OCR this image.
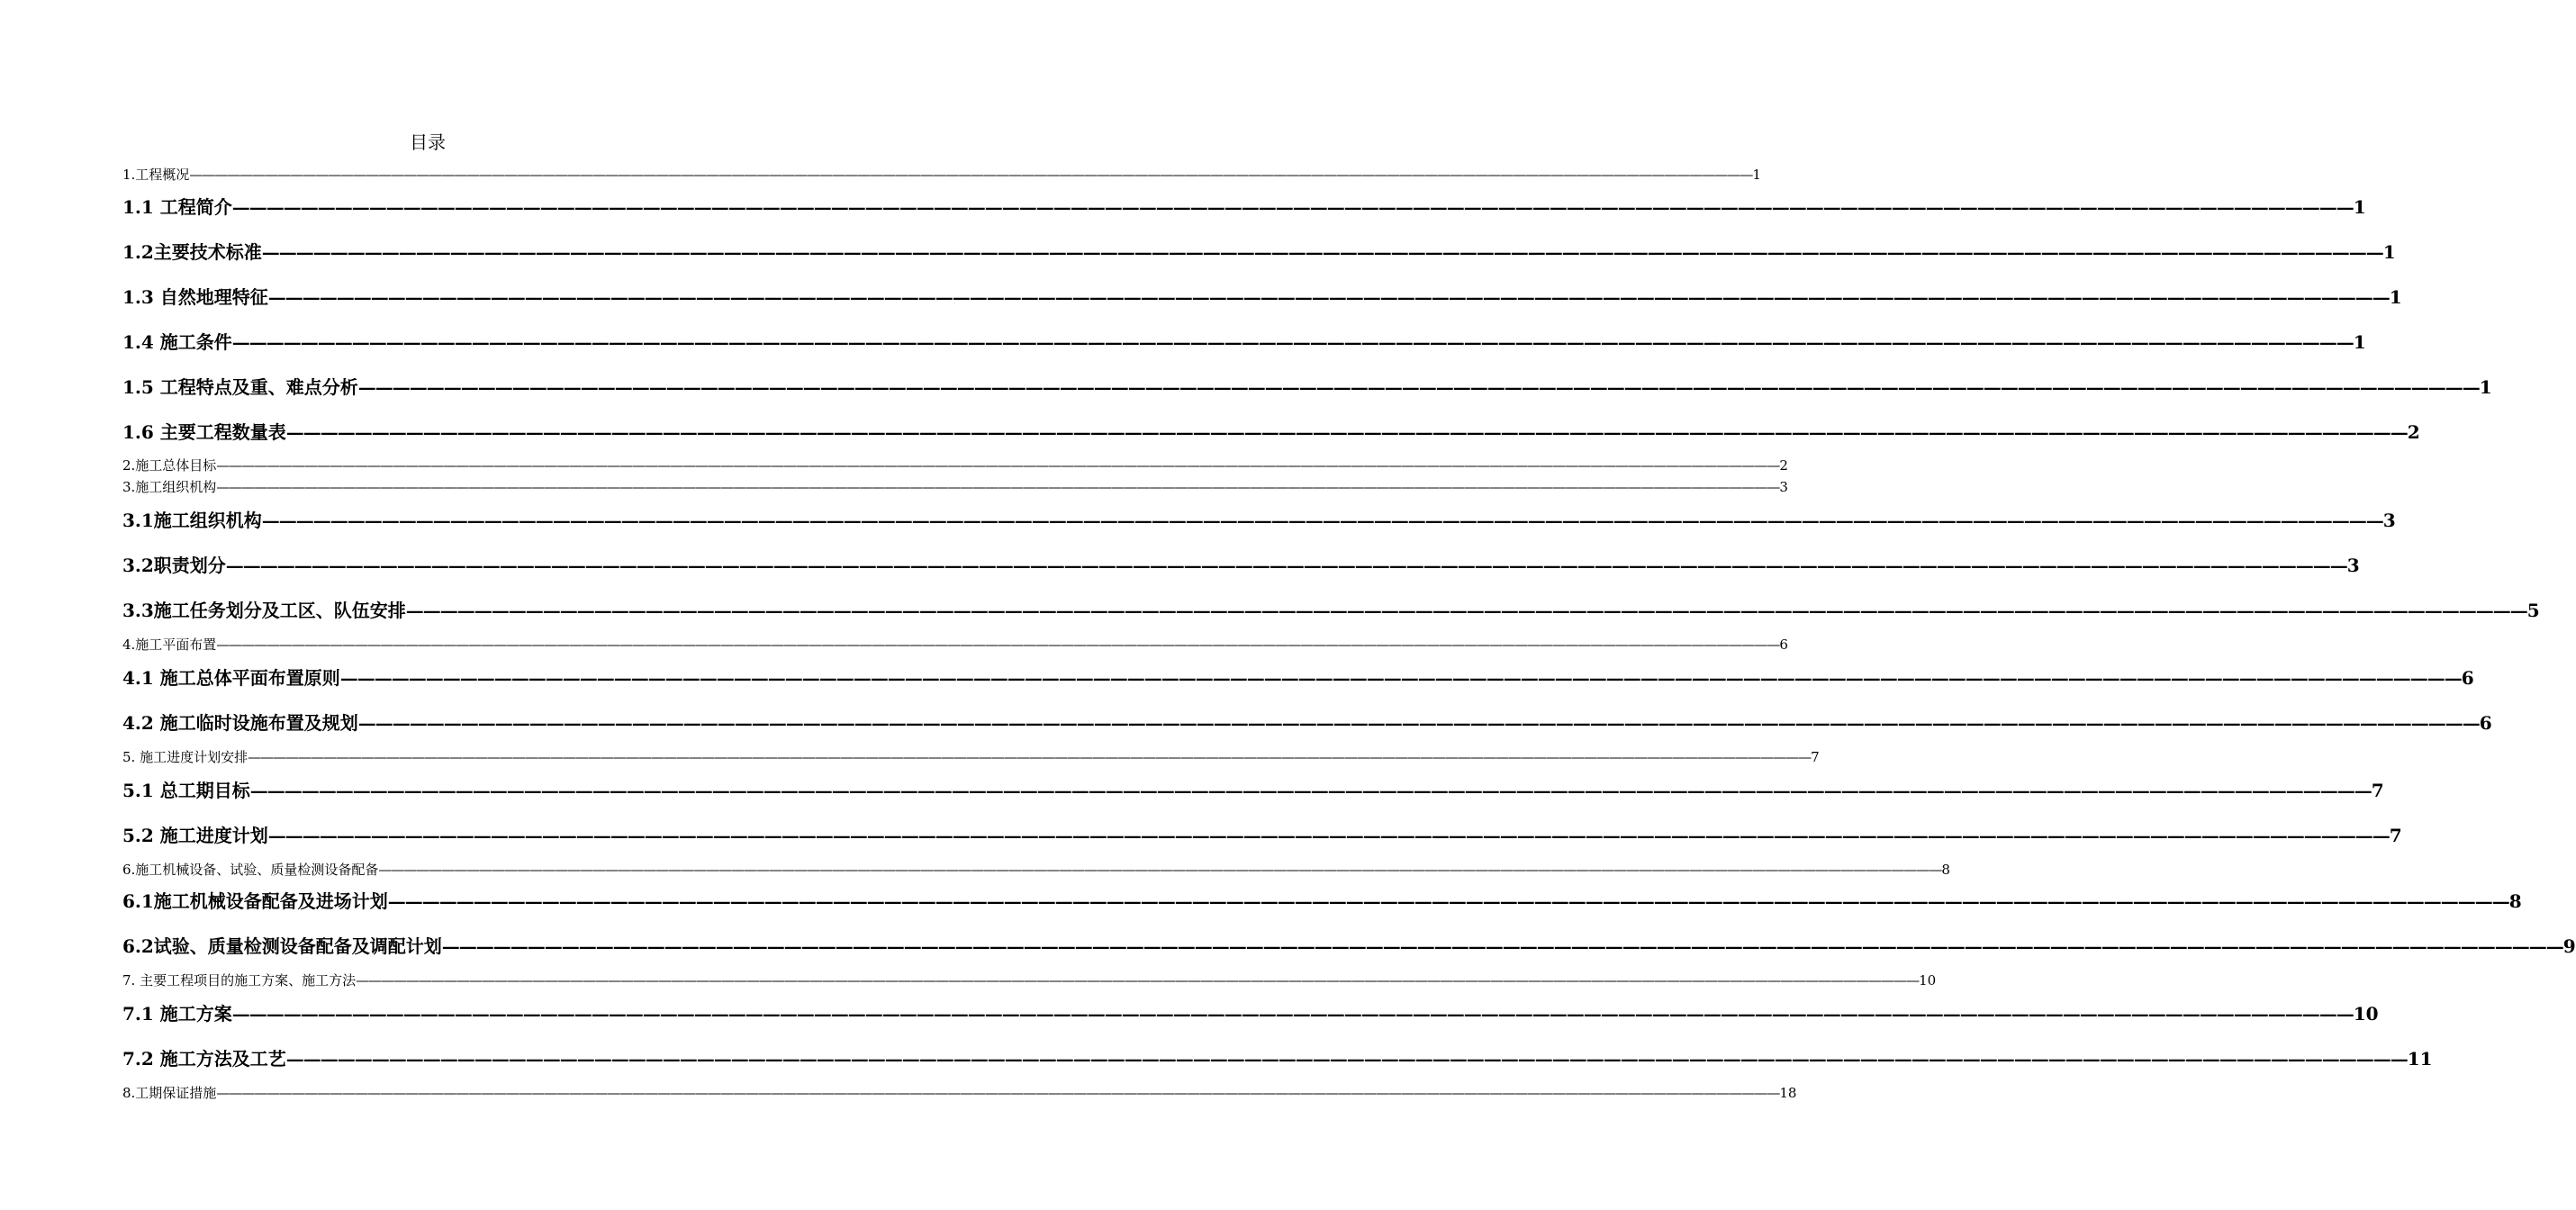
目录
1.工程概况 ———————————————————————————————————————————————————————————————————————————————————————————————————————————————————————————— 1
1.1 工程简介 ———————————————————————————————————————————————————————————————————————————————————————————————————————————————————————————— 1
1.2主要技术标准 ———————————————————————————————————————————————————————————————————————————————————————————————————————————————————————————— 1
1.3 自然地理特征 ———————————————————————————————————————————————————————————————————————————————————————————————————————————————————————————— 1
1.4 施工条件 ———————————————————————————————————————————————————————————————————————————————————————————————————————————————————————————— 1
1.5 工程特点及重、难点分析 ———————————————————————————————————————————————————————————————————————————————————————————————————————————————————————————— 1
1.6 主要工程数量表 ———————————————————————————————————————————————————————————————————————————————————————————————————————————————————————————— 2
2.施工总体目标 ———————————————————————————————————————————————————————————————————————————————————————————————————————————————————————————— 2
3.施工组织机构 ———————————————————————————————————————————————————————————————————————————————————————————————————————————————————————————— 3
3.1施工组织机构 ———————————————————————————————————————————————————————————————————————————————————————————————————————————————————————————— 3
3.2职责划分 ———————————————————————————————————————————————————————————————————————————————————————————————————————————————————————————— 3
3.3施工任务划分及工区、队伍安排 ———————————————————————————————————————————————————————————————————————————————————————————————————————————————————————————— 5
4.施工平面布置 ———————————————————————————————————————————————————————————————————————————————————————————————————————————————————————————— 6
4.1 施工总体平面布置原则 ———————————————————————————————————————————————————————————————————————————————————————————————————————————————————————————— 6
4.2 施工临时设施布置及规划 ———————————————————————————————————————————————————————————————————————————————————————————————————————————————————————————— 6
5. 施工进度计划安排 ———————————————————————————————————————————————————————————————————————————————————————————————————————————————————————————— 7
5.1 总工期目标 ———————————————————————————————————————————————————————————————————————————————————————————————————————————————————————————— 7
5.2 施工进度计划 ———————————————————————————————————————————————————————————————————————————————————————————————————————————————————————————— 7
6.施工机械设备、试验、质量检测设备配备 ———————————————————————————————————————————————————————————————————————————————————————————————————————————————————————————— 8
6.1施工机械设备配备及进场计划 ———————————————————————————————————————————————————————————————————————————————————————————————————————————————————————————— 8
6.2试验、质量检测设备配备及调配计划 ———————————————————————————————————————————————————————————————————————————————————————————————————————————————————————————— 9
7. 主要工程项目的施工方案、施工方法 ———————————————————————————————————————————————————————————————————————————————————————————————————————————————————————————— 10
7.1 施工方案 ———————————————————————————————————————————————————————————————————————————————————————————————————————————————————————————— 10
7.2 施工方法及工艺 ———————————————————————————————————————————————————————————————————————————————————————————————————————————————————————————— 11
8.工期保证措施 ———————————————————————————————————————————————————————————————————————————————————————————————————————————————————————————— 18
